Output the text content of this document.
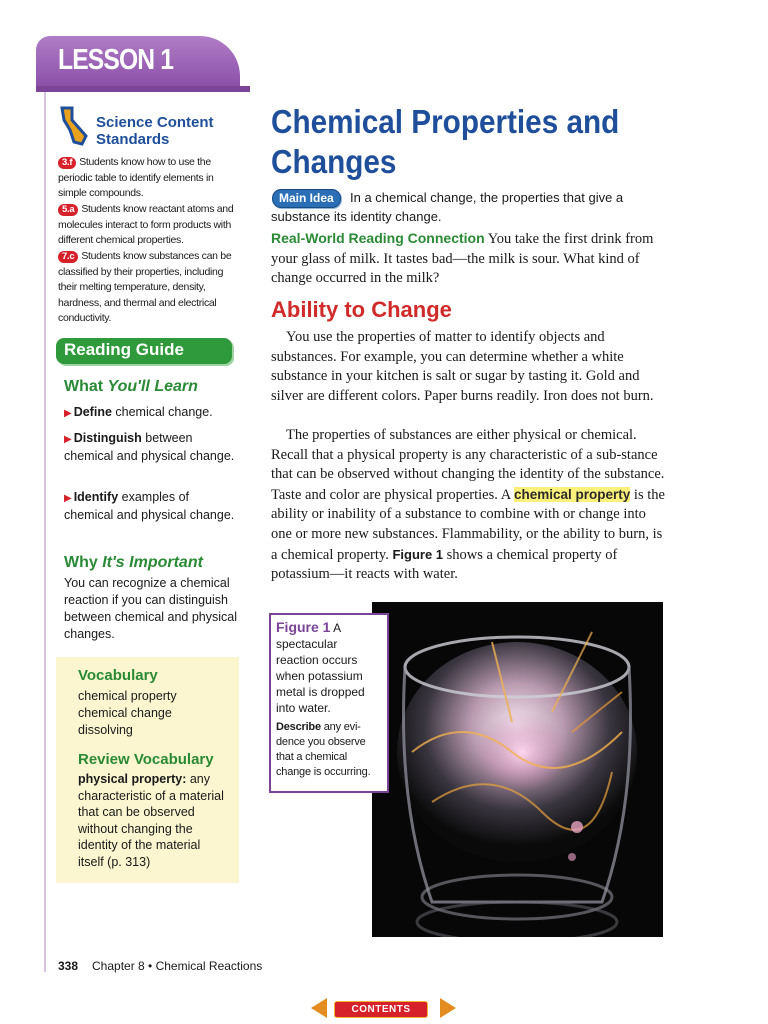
LESSON 1
Science Content Standards
3.f Students know how to use the periodic table to identify elements in simple compounds.
5.a Students know reactant atoms and molecules interact to form products with different chemical properties.
7.c Students know substances can be classified by their properties, including their melting temperature, density, hardness, and thermal and electrical conductivity.
Reading Guide
What You'll Learn
▶ Define chemical change.
▶ Distinguish between chemical and physical change.
▶ Identify examples of chemical and physical change.
Why It's Important
You can recognize a chemical reaction if you can distinguish between chemical and physical changes.
Vocabulary
chemical property
chemical change
dissolving
Review Vocabulary
physical property: any characteristic of a material that can be observed without changing the identity of the material itself (p. 313)
Chemical Properties and Changes
In a chemical change, the properties that give a substance its identity change.
Main Idea
Real-World Reading Connection You take the first drink from your glass of milk. It tastes bad—the milk is sour. What kind of change occurred in the milk?
Ability to Change
You use the properties of matter to identify objects and substances. For example, you can determine whether a white substance in your kitchen is salt or sugar by tasting it. Gold and silver are different colors. Paper burns readily. Iron does not burn.
The properties of substances are either physical or chemical. Recall that a physical property is any characteristic of a sub-stance that can be observed without changing the identity of the substance. Taste and color are physical properties. A chemical property is the ability or inability of a substance to combine with or change into one or more new substances. Flammability, or the ability to burn, is a chemical property. Figure 1 shows a chemical property of potassium—it reacts with water.
Figure 1 A spectacular reaction occurs when potassium metal is dropped into water.
Describe any evi-dence you observe that a chemical change is occurring.
338 Chapter 8 • Chemical Reactions
CONTENTS
